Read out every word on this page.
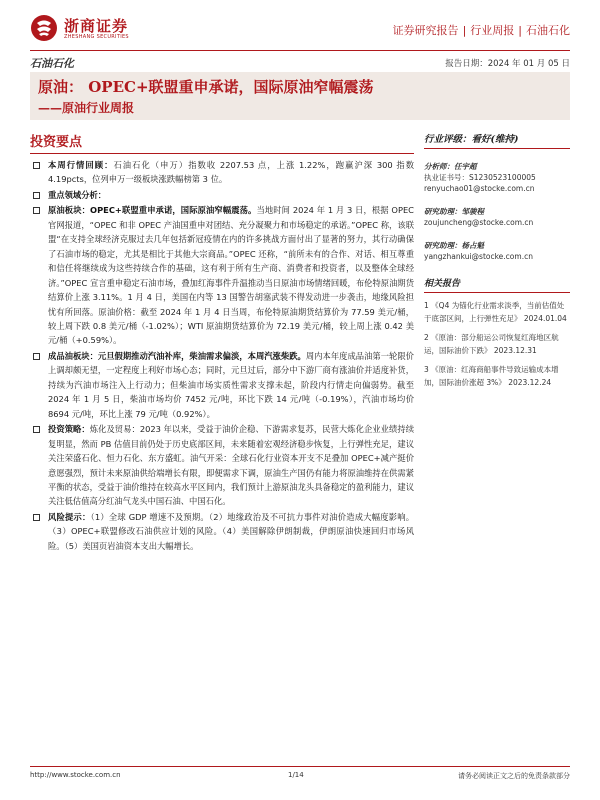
浙商证券
ZHESHANG SECURITIES	证券研究报告 | 行业周报 | 石油石化
石油石化	报告日期：2024 年 01 月 05 日
原油： OPEC+联盟重申承诺，国际原油窄幅震荡
——原油行业周报
投资要点
本周行情回顾：石油石化（申万）指数收 2207.53 点，上涨 1.22%，跑赢沪深 300 指数 4.19pcts，位列申万一级板块涨跌幅榜第 3 位。
重点领域分析：
原油板块：OPEC+联盟重申承诺，国际原油窄幅震荡。当地时间 2024 年 1 月 3 日，根据 OPEC 官网报道，“OPEC 和非 OPEC 产油国重申对团结、充分凝聚力和市场稳定的承诺。”OPEC 称，该联盟“在支持全球经济克服过去几年包括新冠疫情在内的许多挑战方面付出了显著的努力，其行动确保了石油市场的稳定，尤其是相比于其他大宗商品。”OPEC 还称，“前所未有的合作、对话、相互尊重和信任将继续成为这些持续合作的基础，这有利于所有生产商、消费者和投资者，以及整体全球经济。”OPEC 宣言重申稳定石油市场，叠加红海事件升温推动当日原油市场情绪回暖，布伦特原油期货结算价上涨 3.11%。1 月 4 日，美国在内等 13 国警告胡塞武装不得发动进一步袭击，地缘风险担忧有所回落。原油价格：截至 2024 年 1 月 4 日当周，布伦特原油期货结算价为 77.59 美元/桶，较上周下跌 0.8 美元/桶（-1.02%）；WTI 原油期货结算价为 72.19 美元/桶，较上周上涨 0.42 美元/桶（+0.59%）。
成品油板块：元旦假期推动汽油补库，柴油需求偏淡，本周汽涨柴跌。周内本年度成品油第一轮限价上调却颇无望，一定程度上利好市场心态；同时，元旦过后，部分中下游厂商有涨油价并适度补货，持续为汽油市场注入上行动力；但柴油市场实质性需求支撑未起，阶段内行情走向偏弱势。截至 2024 年 1 月 5 日，柴油市场均价 7452 元/吨，环比下跌 14 元/吨（-0.19%），汽油市场均价 8694 元/吨，环比上涨 79 元/吨（0.92%）。
投资策略：炼化及贸易：2023 年以来，受益于油价企稳、下游需求复苏，民营大炼化企业业绩持续复明显，然而 PB 估值目前仍处于历史底部区间，未来随着宏观经济稳步恢复，上行弹性充足，建议关注荣盛石化、恒力石化、东方盛虹。油气开采：全球石化行业资本开支不足叠加 OPEC+减产挺价意愿强烈，预计未来原油供给端增长有限，即便需求下调，原油生产国仍有能力将原油维持在供需紧平衡的状态，受益于油价维持在较高水平区间内，我们预计上游原油龙头具备稳定的盈利能力，建议关注低估值高分红油气龙头中国石油、中国石化。
风险提示：（1）全球 GDP 增速不及预期。（2）地缘政治及不可抗力事件对油价造成大幅度影响。（3）OPEC+联盟修改石油供应计划的风险。（4）美国解除伊朗制裁，伊朗原油快速回归市场风险。（5）美国页岩油资本支出大幅增长。
行业评级：看好(维持)
分析师：任宇超
执业证书号：S1230523100005
renyuchao01@stocke.com.cn
研究助理：邹骏程
zoujuncheng@stocke.com.cn
研究助理：杨占魁
yangzhankui@stocke.com.cn
相关报告
1 《Q4 为锚化行业需求淡季，当前估值处于底部区间，上行弹性充足》 2024.01.04
2 《原油：部分船运公司恢复红海地区航运，国际油价下跌》 2023.12.31
3 《原油：红海商船事件导致运输成本增加，国际油价涨超 3%》 2023.12.24
http://www.stocke.com.cn	1/14	请务必阅读正文之后的免责条款部分
